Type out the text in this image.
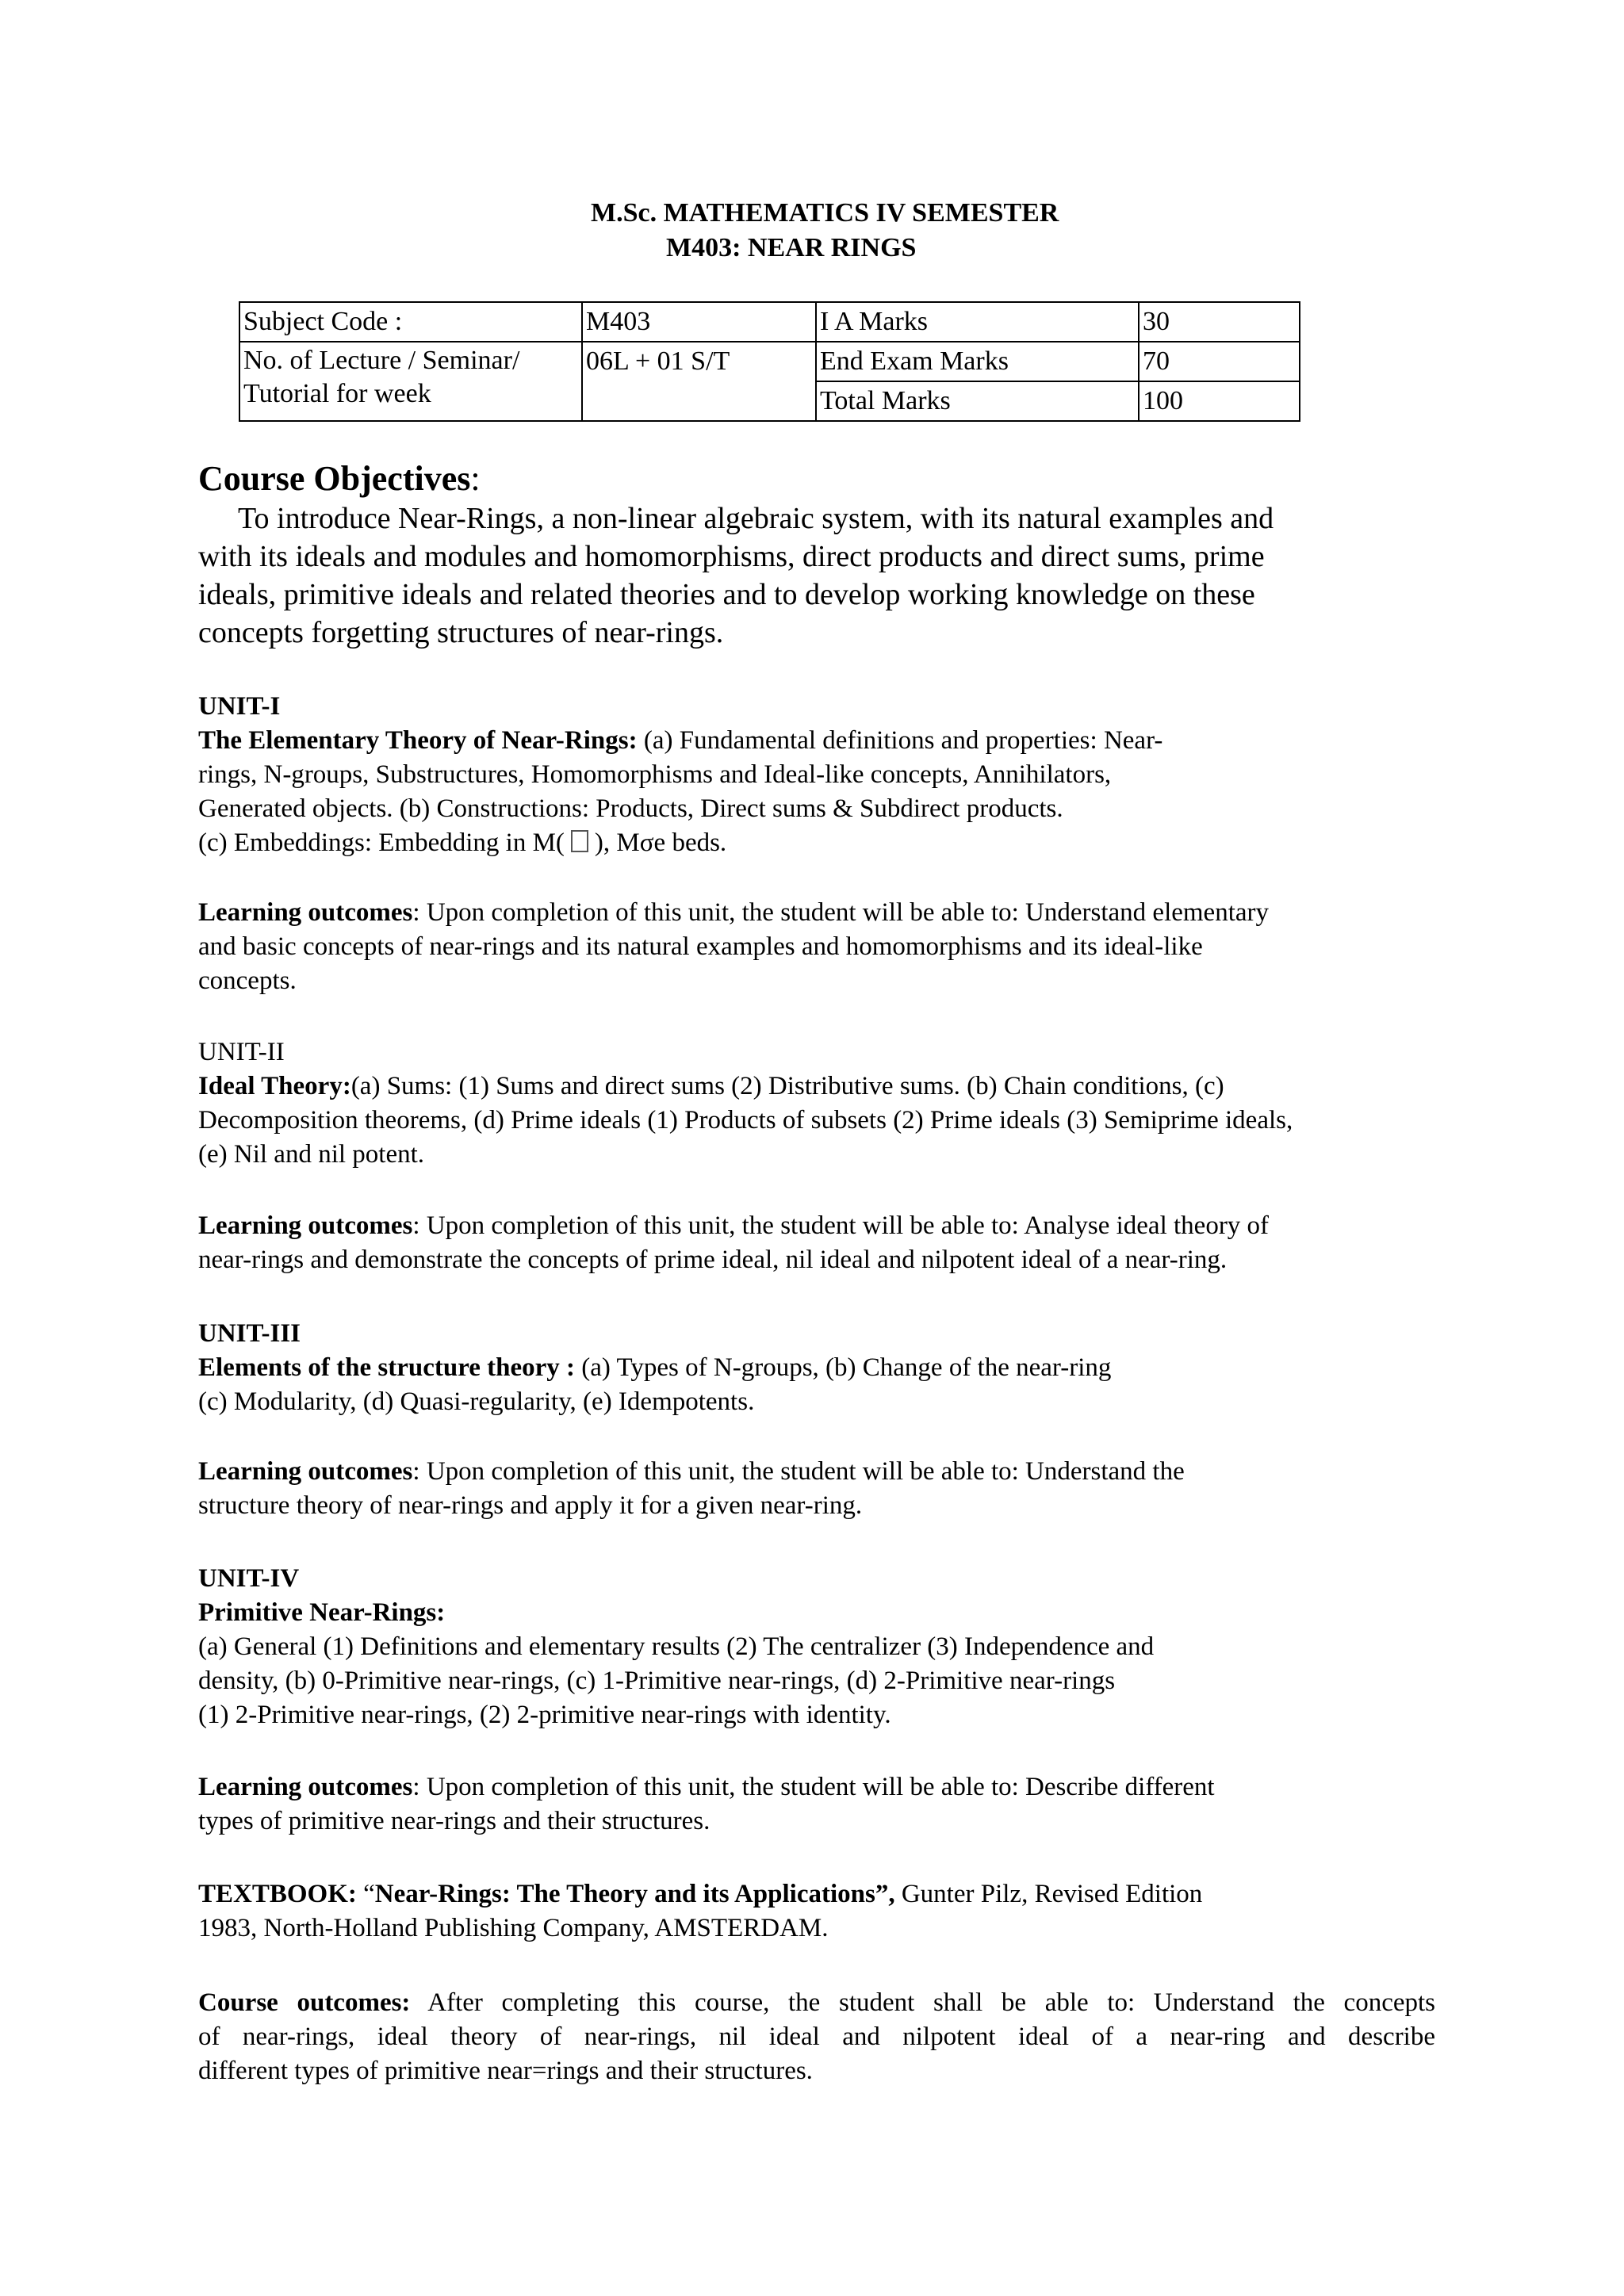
M.Sc. MATHEMATICS IV SEMESTER
M403: NEAR RINGS
Subject Code :	M403	I A Marks	30
No. of Lecture / Seminar/
Tutorial for week	06L + 01 S/T	End Exam Marks	70
		Total Marks	100
Course Objectives:
To introduce Near-Rings, a non-linear algebraic system, with its natural examples and
with its ideals and modules and homomorphisms, direct products and direct sums, prime
ideals, primitive ideals and related theories and to develop working knowledge on these
concepts forgetting structures of near-rings.
UNIT-I
The Elementary Theory of Near-Rings: (a) Fundamental definitions and properties: Near-
rings, N-groups, Substructures, Homomorphisms and Ideal-like concepts, Annihilators,
Generated objects. (b) Constructions: Products, Direct sums & Subdirect products.
(c) Embeddings: Embedding in M( ), Mσe beds.
Learning outcomes: Upon completion of this unit, the student will be able to: Understand elementary
and basic concepts of near-rings and its natural examples and homomorphisms and its ideal-like
concepts.
UNIT-II
Ideal Theory:(a) Sums: (1) Sums and direct sums (2) Distributive sums. (b) Chain conditions, (c)
Decomposition theorems, (d) Prime ideals (1) Products of subsets (2) Prime ideals (3) Semiprime ideals,
(e) Nil and nil potent.
Learning outcomes: Upon completion of this unit, the student will be able to: Analyse ideal theory of
near-rings and demonstrate the concepts of prime ideal, nil ideal and nilpotent ideal of a near-ring.
UNIT-III
Elements of the structure theory : (a) Types of N-groups, (b) Change of the near-ring
(c) Modularity, (d) Quasi-regularity, (e) Idempotents.
Learning outcomes: Upon completion of this unit, the student will be able to: Understand the
structure theory of near-rings and apply it for a given near-ring.
UNIT-IV
Primitive Near-Rings:
(a) General (1) Definitions and elementary results (2) The centralizer (3) Independence and
density, (b) 0-Primitive near-rings, (c) 1-Primitive near-rings, (d) 2-Primitive near-rings
(1) 2-Primitive near-rings, (2) 2-primitive near-rings with identity.
Learning outcomes: Upon completion of this unit, the student will be able to: Describe different
types of primitive near-rings and their structures.
TEXTBOOK: “Near-Rings: The Theory and its Applications”, Gunter Pilz, Revised Edition
1983, North-Holland Publishing Company, AMSTERDAM.
Course outcomes: After completing this course, the student shall be able to: Understand the concepts
of near-rings, ideal theory of near-rings, nil ideal and nilpotent ideal of a near-ring and describe
different types of primitive near=rings and their structures.
